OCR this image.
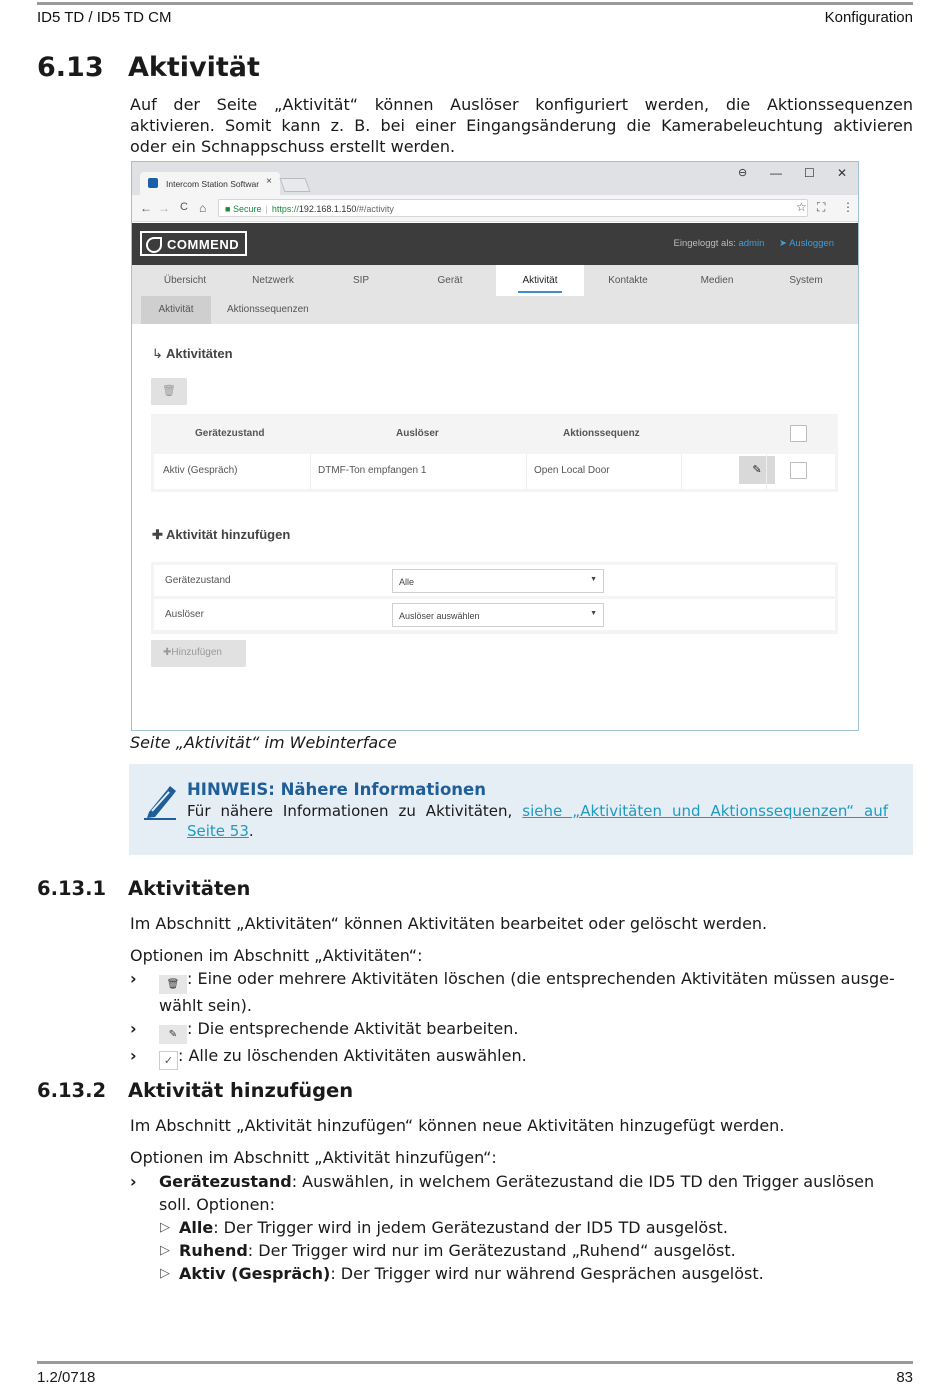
ID5 TD / ID5 TD CM	Konfiguration
6.13 Aktivität
Auf der Seite „Aktivität“ können Auslöser konfiguriert werden, die Aktionssequenzen
aktivieren. Somit kann z. B. bei einer Eingangsänderung die Kamerabeleuchtung aktivieren
oder ein Schnappschuss erstellt werden.
Intercom Station Softwar ×
⊖ — ☐ ✕
← → C ⌂	■ Secure | https://192.168.1.150/#/activity	☆ ⛶ ⋮
COMMEND	Eingeloggt als: admin ➤ Ausloggen
Übersicht	Netzwerk	SIP	Gerät	Aktivität	Kontakte	Medien	System
Aktivität	Aktionssequenzen
↳ Aktivitäten
🗑
Gerätezustand	Auslöser	Aktionssequenz
Aktiv (Gespräch)	DTMF-Ton empfangen 1	Open Local Door	✎
✚ Aktivität hinzufügen
Gerätezustand	Alle	▼
Auslöser	Auslöser auswählen	▼
✚Hinzufügen
Seite „Aktivität“ im Webinterface
HINWEIS: Nähere Informationen
Für nähere Informationen zu Aktivitäten, siehe „Aktivitäten und Aktionssequenzen“ auf
Seite 53.
6.13.1 Aktivitäten
Im Abschnitt „Aktivitäten“ können Aktivitäten bearbeitet oder gelöscht werden.
Optionen im Abschnitt „Aktivitäten“:
›	🗑 : Eine oder mehrere Aktivitäten löschen (die entsprechenden Aktivitäten müssen ausge-
wählt sein).
›	✎ : Die entsprechende Aktivität bearbeiten.
› ✓ : Alle zu löschenden Aktivitäten auswählen.
6.13.2 Aktivität hinzufügen
Im Abschnitt „Aktivität hinzufügen“ können neue Aktivitäten hinzugefügt werden.
Optionen im Abschnitt „Aktivität hinzufügen“:
› Gerätezustand: Auswählen, in welchem Gerätezustand die ID5 TD den Trigger auslösen
soll. Optionen:
▷ Alle: Der Trigger wird in jedem Gerätezustand der ID5 TD ausgelöst.
▷ Ruhend: Der Trigger wird nur im Gerätezustand „Ruhend“ ausgelöst.
▷ Aktiv (Gespräch): Der Trigger wird nur während Gesprächen ausgelöst.
1.2/0718	83
